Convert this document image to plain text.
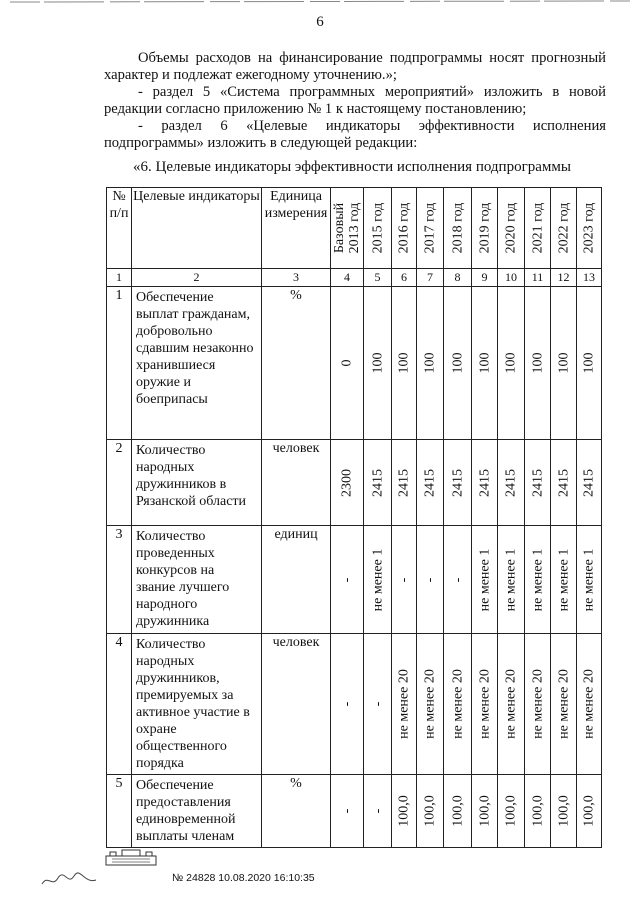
6

Объемы расходов на финансирование подпрограммы носят прогнозный характер и подлежат ежегодному уточнению.»;

- раздел 5 «Система программных мероприятий» изложить в новой редакции согласно приложению № 1 к настоящему постановлению;

- раздел 6 «Целевые индикаторы эффективности исполнения подпрограммы» изложить в следующей редакции:

«6. Целевые индикаторы эффективности исполнения подпрограммы
№ п/п	Целевые индикаторы	Единица измерения	Базовый 2013 год	2015 год	2016 год	2017 год	2018 год	2019 год	2020 год	2021 год	2022 год	2023 год

1	2	3	4	5	6	7	8	9	10	11	12	13
1	Обеспечение выплат гражданам, добровольно сдавшим незаконно хранившиеся оружие и боеприпасы	%	0	100	100	100	100	100	100	100	100	100

2	Количество народных дружинников в Рязанской области	человек	2300	2415	2415	2415	2415	2415	2415	2415	2415	2415

3	Количество проведенных конкурсов на звание лучшего народного дружинника	единиц	-	не менее 1	-	-	-	не менее 1	не менее 1	не менее 1	не менее 1	не менее 1

4	Количество народных дружинников, премируемых за активное участие в охране общественного порядка	человек	-	-	не менее 20	не менее 20	не менее 20	не менее 20	не менее 20	не менее 20	не менее 20	не менее 20

5	Обеспечение предоставления единовременной выплаты членам	%	-	-	100,0	100,0	100,0	100,0	100,0	100,0	100,0	100,0
№ 24828 10.08.2020 16:10:35
